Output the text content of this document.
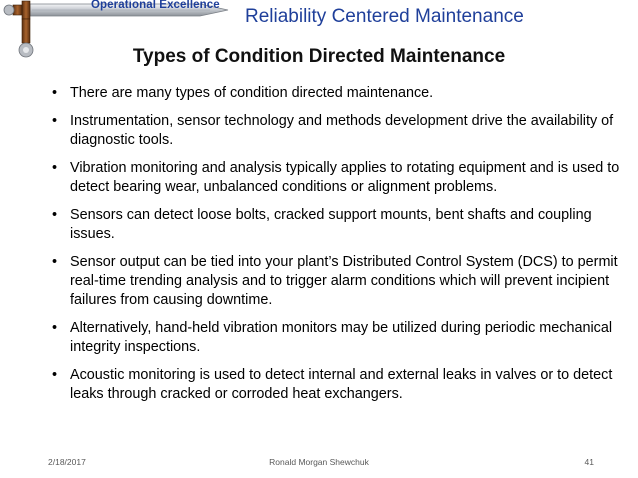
Operational Excellence
Reliability Centered Maintenance
Types of Condition Directed Maintenance
• There are many types of condition directed maintenance.
• Instrumentation, sensor technology and methods development drive the availability of diagnostic tools.
• Vibration monitoring and analysis typically applies to rotating equipment and is used to detect bearing wear, unbalanced conditions or alignment problems.
• Sensors can detect loose bolts, cracked support mounts, bent shafts and coupling issues.
• Sensor output can be tied into your plant’s Distributed Control System (DCS) to permit real-time trending analysis and to trigger alarm conditions which will prevent incipient failures from causing downtime.
• Alternatively, hand-held vibration monitors may be utilized during periodic mechanical integrity inspections.
• Acoustic monitoring is used to detect internal and external leaks in valves or to detect leaks through cracked or corroded heat exchangers.
2/18/2017	Ronald Morgan Shewchuk	41
